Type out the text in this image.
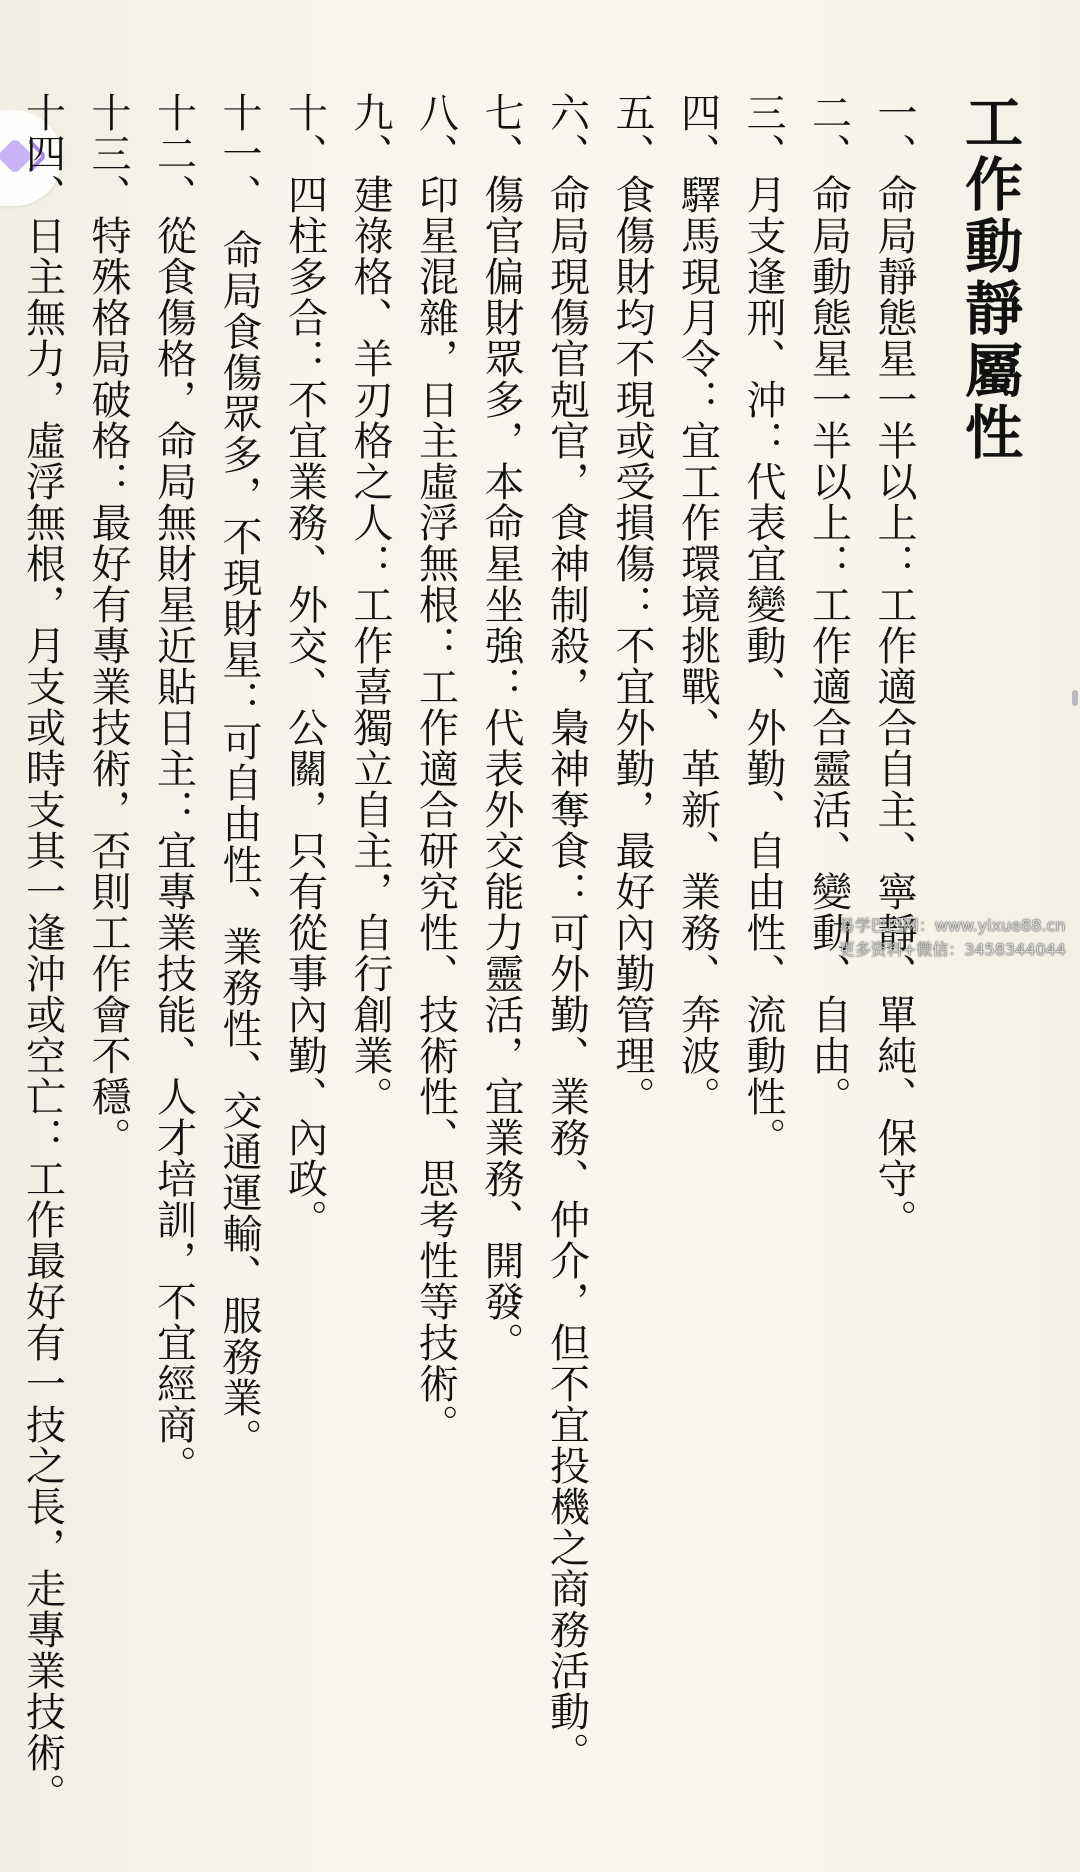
工作動靜屬性
一、命局靜態星一半以上：工作適合自主、寧靜、單純、保守。
二、命局動態星一半以上：工作適合靈活、變動、自由。
三、月支逢刑、沖：代表宜變動、外勤、自由性、流動性。
四、驛馬現月令：宜工作環境挑戰、革新、業務、奔波。
五、食傷財均不現或受損傷：不宜外勤，最好內勤管理。
六、命局現傷官剋官，食神制殺，梟神奪食：可外勤、業務、仲介，但不宜投機之商務活動。
七、傷官偏財眾多，本命星坐強：代表外交能力靈活，宜業務、開發。
八、印星混雜，日主虛浮無根：工作適合研究性、技術性、思考性等技術。
九、建祿格、羊刃格之人：工作喜獨立自主，自行創業。
十、四柱多合：不宜業務、外交、公關，只有從事內勤、內政。
十一、命局食傷眾多，不現財星：可自由性、業務性、交通運輸、服務業。
十二、從食傷格，命局無財星近貼日主：宜專業技能、人才培訓，不宜經商。
十三、特殊格局破格：最好有專業技術，否則工作會不穩。
十四、日主無力，虛浮無根，月支或時支其一逢沖或空亡：工作最好有一技之長，走專業技術。	易学巴巴网：www.yixue88.cn
更多资料+微信：3458344044
